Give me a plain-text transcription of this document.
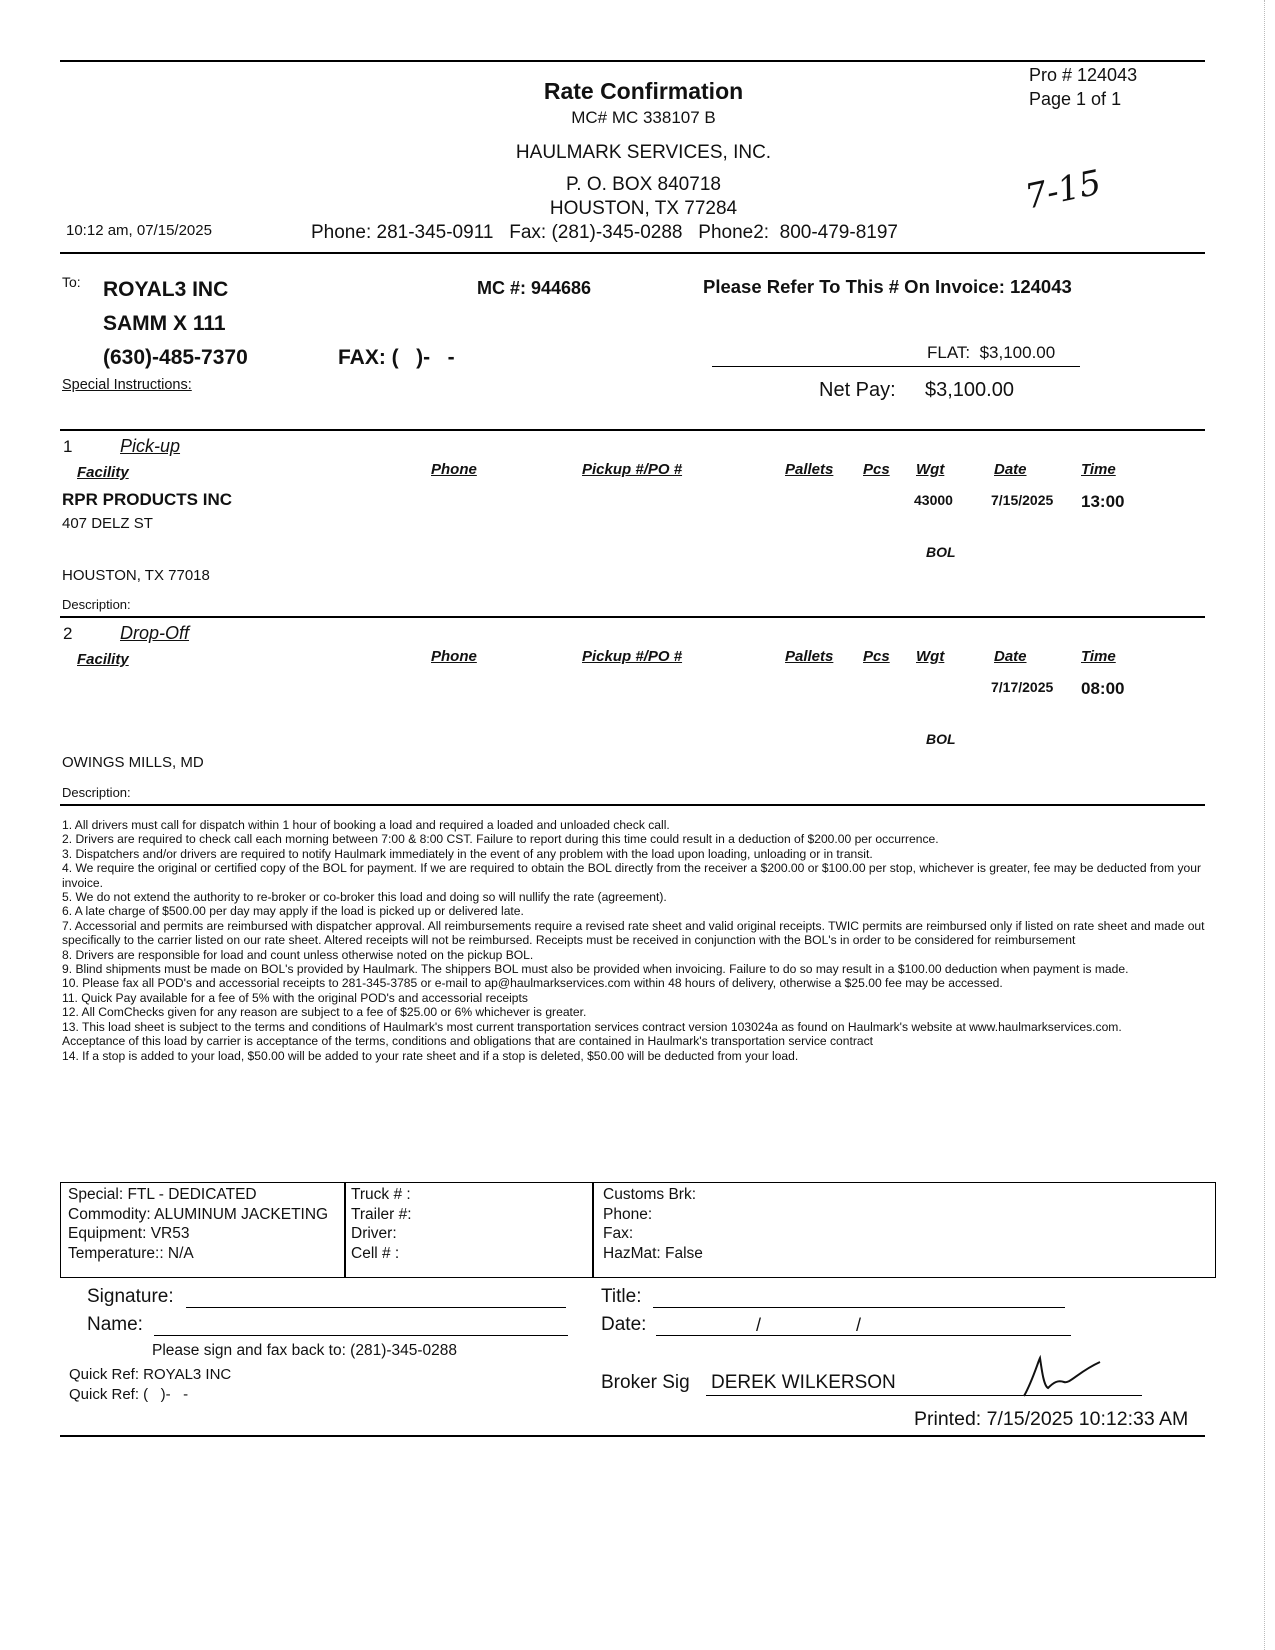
Rate Confirmation
MC# MC 338107 B
HAULMARK SERVICES, INC.
P. O. BOX 840718
HOUSTON, TX 77284
Phone: 281-345-0911   Fax: (281)-345-0288   Phone2:  800-479-8197
10:12 am, 07/15/2025
Pro # 124043
Page 1 of 1
7-15
To: ROYAL3 INC
SAMM X 111
(630)-485-7370
MC #: 944686
FAX: (   )-   -
Please Refer To This # On Invoice: 124043
Special Instructions:
FLAT:  $3,100.00
Net Pay: $3,100.00
1	Pick-up
Facility	Phone	Pickup #/PO #	Pallets Pcs Wgt	Date	Time
RPR PRODUCTS INC
407 DELZ ST
43000	7/15/2025 13:00
BOL
HOUSTON, TX 77018
Description:
2	Drop-Off
Facility	Phone	Pickup #/PO #	Pallets Pcs Wgt	Date	Time
7/17/2025 08:00
BOL
OWINGS MILLS, MD
Description:
1. All drivers must call for dispatch within 1 hour of booking a load and required a loaded and unloaded check call.
2. Drivers are required to check call each morning between 7:00 & 8:00 CST. Failure to report during this time could result in a deduction of $200.00 per occurrence.
3. Dispatchers and/or drivers are required to notify Haulmark immediately in the event of any problem with the load upon loading, unloading or in transit.
4. We require the original or certified copy of the BOL for payment. If we are required to obtain the BOL directly from the receiver a $200.00 or $100.00 per stop, whichever is greater, fee may be deducted from your invoice.
5. We do not extend the authority to re-broker or co-broker this load and doing so will nullify the rate (agreement).
6. A late charge of $500.00 per day may apply if the load is picked up or delivered late.
7. Accessorial and permits are reimbursed with dispatcher approval. All reimbursements require a revised rate sheet and valid original receipts. TWIC permits are reimbursed only if listed on rate sheet and made out specifically to the carrier listed on our rate sheet. Altered receipts will not be reimbursed. Receipts must be received in conjunction with the BOL's in order to be considered for reimbursement
8. Drivers are responsible for load and count unless otherwise noted on the pickup BOL.
9. Blind shipments must be made on BOL's provided by Haulmark. The shippers BOL must also be provided when invoicing. Failure to do so may result in a $100.00 deduction when payment is made.
10. Please fax all POD's and accessorial receipts to 281-345-3785 or e-mail to ap@haulmarkservices.com within 48 hours of delivery, otherwise a $25.00 fee may be accessed.
11. Quick Pay available for a fee of 5% with the original POD's and accessorial receipts
12. All ComChecks given for any reason are subject to a fee of $25.00 or 6% whichever is greater.
13. This load sheet is subject to the terms and conditions of Haulmark's most current transportation services contract version 103024a as found on Haulmark's website at www.haulmarkservices.com.
Acceptance of this load by carrier is acceptance of the terms, conditions and obligations that are contained in Haulmark's transportation service contract
14. If a stop is added to your load, $50.00 will be added to your rate sheet and if a stop is deleted, $50.00 will be deducted from your load.
Special: FTL - DEDICATED
Commodity: ALUMINUM JACKETING
Equipment: VR53
Temperature:: N/A
Truck # :
Trailer #:
Driver:
Cell # :
Customs Brk:
Phone:
Fax:
HazMat: False
Signature:
Name:
Title:
Date:	/	/
Please sign and fax back to: (281)-345-0288
Quick Ref: ROYAL3 INC
Quick Ref: (   )-   -
Broker Sig DEREK WILKERSON
Printed: 7/15/2025 10:12:33 AM
